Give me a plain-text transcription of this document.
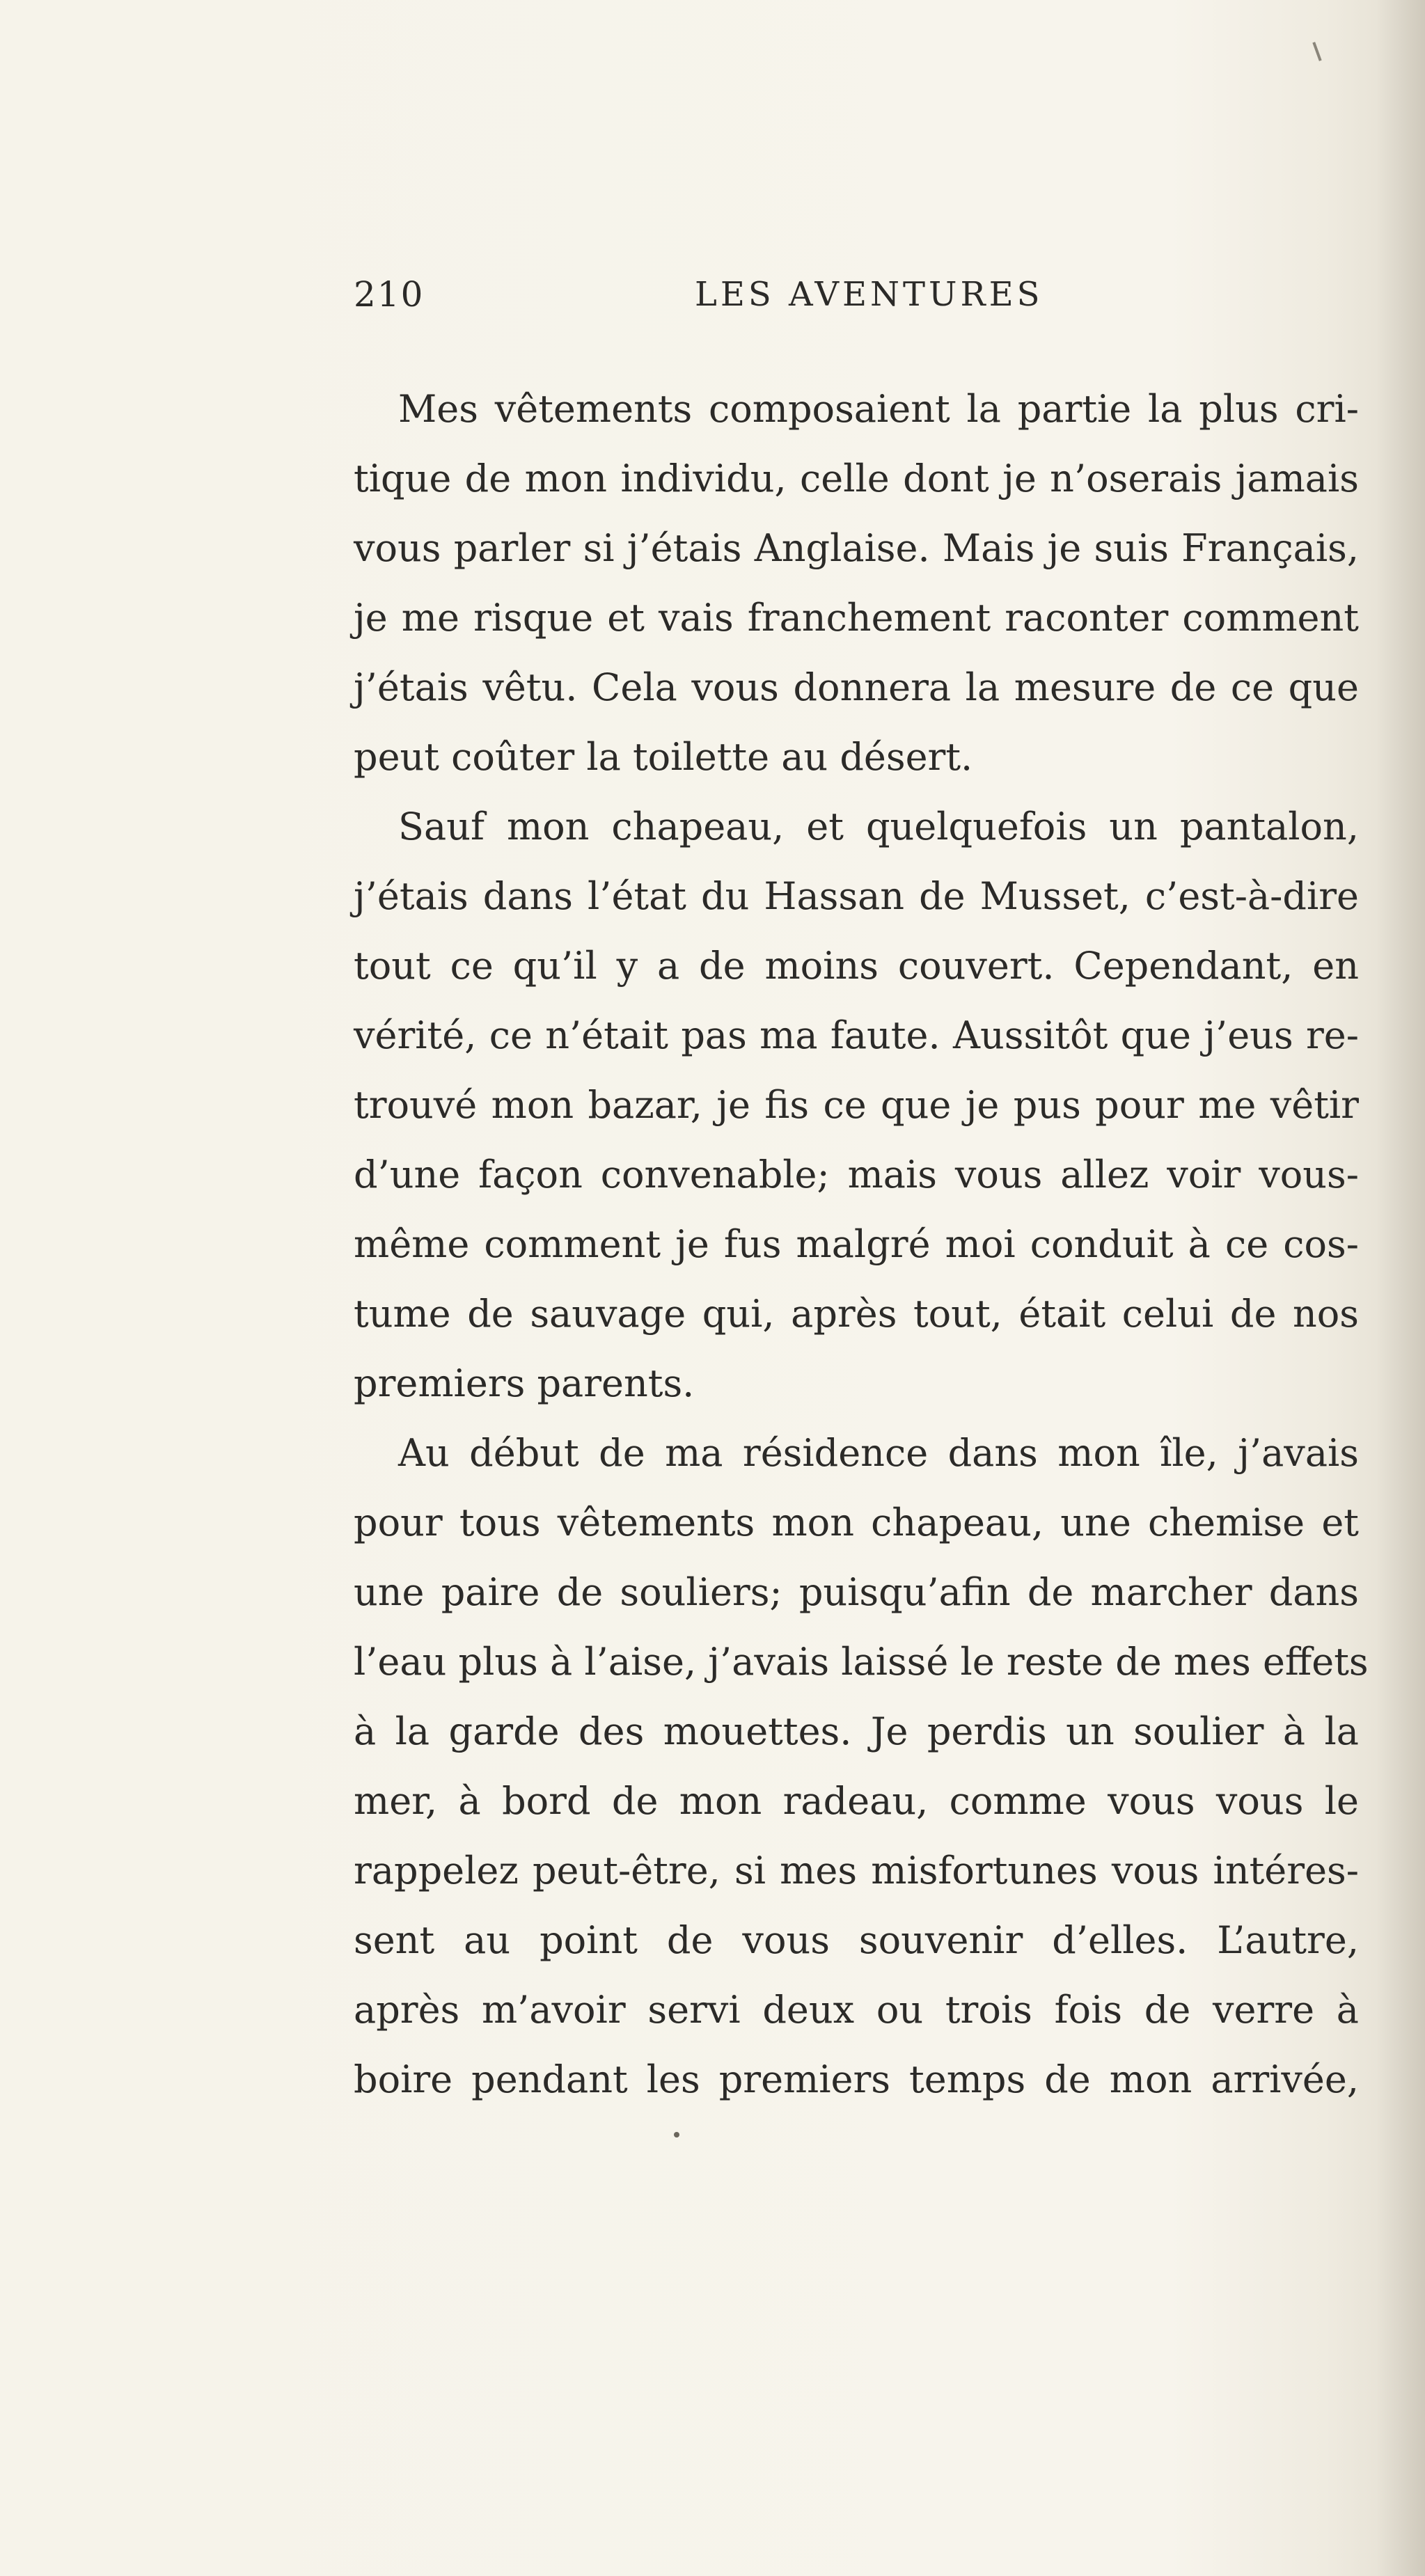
210	LES AVENTURES
Mes vêtements composaient la partie la plus cri-
tique de mon individu, celle dont je n’oserais jamais
vous parler si j’étais Anglaise. Mais je suis Français,
je me risque et vais franchement raconter comment
j’étais vêtu. Cela vous donnera la mesure de ce que
peut coûter la toilette au désert.
Sauf mon chapeau, et quelquefois un pantalon,
j’étais dans l’état du Hassan de Musset, c’est-à-dire
tout ce qu’il y a de moins couvert. Cependant, en
vérité, ce n’était pas ma faute. Aussitôt que j’eus re-
trouvé mon bazar, je fis ce que je pus pour me vêtir
d’une façon convenable; mais vous allez voir vous-
même comment je fus malgré moi conduit à ce cos-
tume de sauvage qui, après tout, était celui de nos
premiers parents.
Au début de ma résidence dans mon île, j’avais
pour tous vêtements mon chapeau, une chemise et
une paire de souliers; puisqu’afin de marcher dans
l’eau plus à l’aise, j’avais laissé le reste de mes effets
à la garde des mouettes. Je perdis un soulier à la
mer, à bord de mon radeau, comme vous vous le
rappelez peut-être, si mes misfortunes vous intéres-
sent au point de vous souvenir d’elles. L’autre,
après m’avoir servi deux ou trois fois de verre à
boire pendant les premiers temps de mon arrivée,
